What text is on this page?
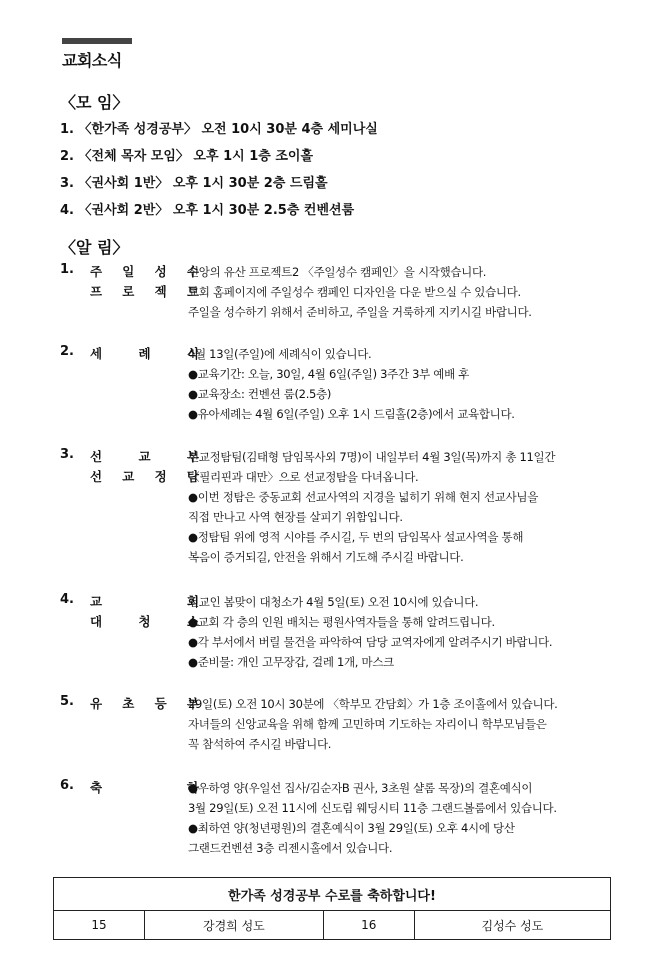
교회소식
〈모 임〉
1. 〈한가족 성경공부〉 오전 10시 30분 4층 세미나실
2. 〈전체 목자 모임〉 오후 1시 1층 조이홀
3. 〈권사회 1반〉 오후 1시 30분 2층 드림홀
4. 〈권사회 2반〉 오후 1시 30분 2.5층 컨벤션룸
〈알 림〉
1. 주 일 성 수
프 로 젝 트
신앙의 유산 프로젝트2 〈주일성수 캠페인〉을 시작했습니다.
교회 홈페이지에 주일성수 캠페인 디자인을 다운 받으실 수 있습니다.
주일을 성수하기 위해서 준비하고, 주일을 거룩하게 지키시길 바랍니다.
2. 세 례 식
4월 13일(주일)에 세례식이 있습니다.
●교육기간: 오늘, 30일, 4월 6일(주일) 3주간 3부 예배 후
●교육장소: 컨벤션 룸(2.5층)
●유아세례는 4월 6일(주일) 오후 1시 드림홀(2층)에서 교육합니다.
3. 선 교 부
선 교 정 탐
선교정탐팀(김태형 담임목사외 7명)이 내일부터 4월 3일(목)까지 총 11일간
〈필리핀과 대만〉으로 선교정탐을 다녀옵니다.
●이번 정탐은 중동교회 선교사역의 지경을 넓히기 위해 현지 선교사님을
직접 만나고 사역 현장를 살피기 위함입니다.
●정탐팀 위에 영적 시야를 주시길, 두 번의 담임목사 설교사역을 통해
복음이 증거되길, 안전을 위해서 기도해 주시길 바랍니다.
4. 교 회
대 청 소
전교인 봄맞이 대청소가 4월 5일(토) 오전 10시에 있습니다.
●교회 각 층의 인원 배치는 평원사역자들을 통해 알려드립니다.
●각 부서에서 버릴 물건을 파악하여 담당 교역자에게 알려주시기 바랍니다.
●준비물: 개인 고무장갑, 걸레 1개, 마스크
5. 유 초 등 부
29일(토) 오전 10시 30분에 〈학부모 간담회〉가 1층 조이홀에서 있습니다.
자녀들의 신앙교육을 위해 함께 고민하며 기도하는 자리이니 학부모님들은
꼭 참석하여 주시길 바랍니다.
6. 축 하
●우하영 양(우일선 집사/김순자B 권사, 3초원 샬롬 목장)의 결혼예식이
3월 29일(토) 오전 11시에 신도림 웨딩시티 11층 그랜드볼룸에서 있습니다.
●최하연 양(청년평원)의 결혼예식이 3월 29일(토) 오후 4시에 당산
그랜드컨벤션 3층 리젠시홀에서 있습니다.
한가족 성경공부 수로를 축하합니다!
15	강경희 성도	16	김성수 성도
